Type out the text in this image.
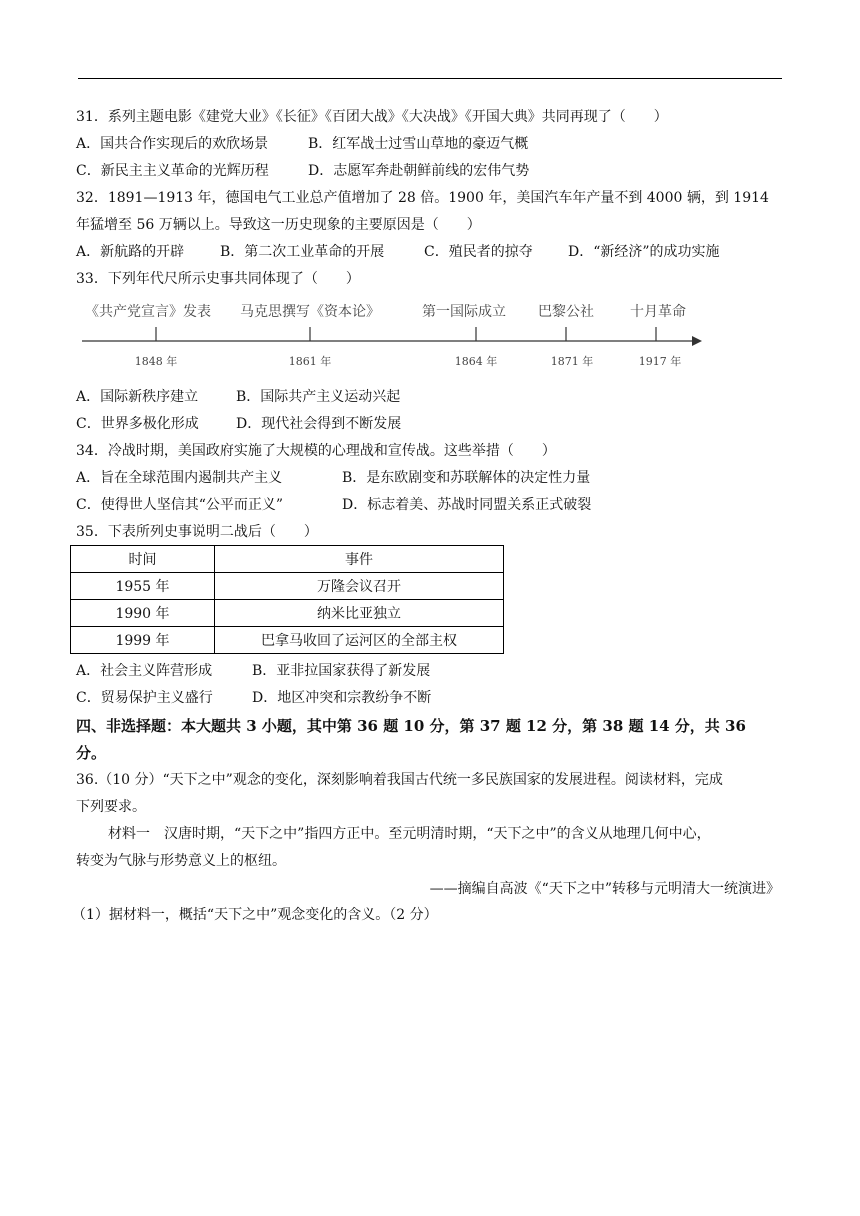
31．系列主题电影《建党大业》《长征》《百团大战》《大决战》《开国大典》共同再现了（　　）
A．国共合作实现后的欢欣场景	B．红军战士过雪山草地的豪迈气概
C．新民主主义革命的光辉历程	D．志愿军奔赴朝鲜前线的宏伟气势
32．1891—1913 年，德国电气工业总产值增加了 28 倍。1900 年，美国汽车年产量不到 4000 辆，到 1914
年猛增至 56 万辆以上。导致这一历史现象的主要原因是（　　）
A．新航路的开辟	B．第二次工业革命的开展	C．殖民者的掠夺	D．“新经济”的成功实施
33．下列年代尺所示史事共同体现了（　　）
《共产党宣言》发表 马克思撰写《资本论》	第一国际成立 巴黎公社	十月革命
1848 年	1861 年	1864 年	1871 年	1917 年
A．国际新秩序建立	B．国际共产主义运动兴起
C．世界多极化形成	D．现代社会得到不断发展
34．冷战时期，美国政府实施了大规模的心理战和宣传战。这些举措（　　）
A．旨在全球范围内遏制共产主义	B．是东欧剧变和苏联解体的决定性力量
C．使得世人坚信其“公平而正义”	D．标志着美、苏战时同盟关系正式破裂
35．下表所列史事说明二战后（　　）
时间	事件
1955 年	万隆会议召开
1990 年	纳米比亚独立
1999 年	巴拿马收回了运河区的全部主权
A．社会主义阵营形成	B．亚非拉国家获得了新发展
C．贸易保护主义盛行	D．地区冲突和宗教纷争不断
四、非选择题：本大题共 3 小题，其中第 36 题 10 分，第 37 题 12 分，第 38 题 14 分，共 36
分。
36.（10 分）“天下之中”观念的变化，深刻影响着我国古代统一多民族国家的发展进程。阅读材料，完成
下列要求。
材料一　汉唐时期，“天下之中”指四方正中。至元明清时期，“天下之中”的含义从地理几何中心，
转变为气脉与形势意义上的枢纽。
——摘编自高波《“天下之中”转移与元明清大一统演进》
（1）据材料一，概括“天下之中”观念变化的含义。（2 分）
